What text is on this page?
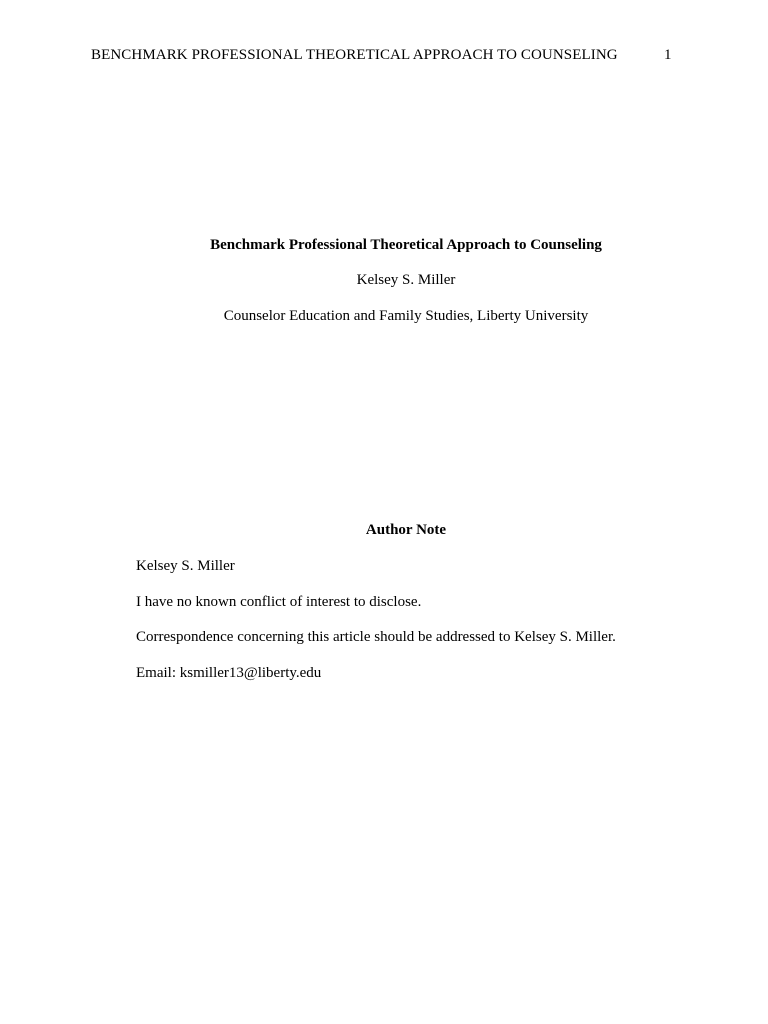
BENCHMARK PROFESSIONAL THEORETICAL APPROACH TO COUNSELING	1
Benchmark Professional Theoretical Approach to Counseling
Kelsey S. Miller
Counselor Education and Family Studies, Liberty University
Author Note
Kelsey S. Miller
I have no known conflict of interest to disclose.
Correspondence concerning this article should be addressed to Kelsey S. Miller.
Email: ksmiller13@liberty.edu
